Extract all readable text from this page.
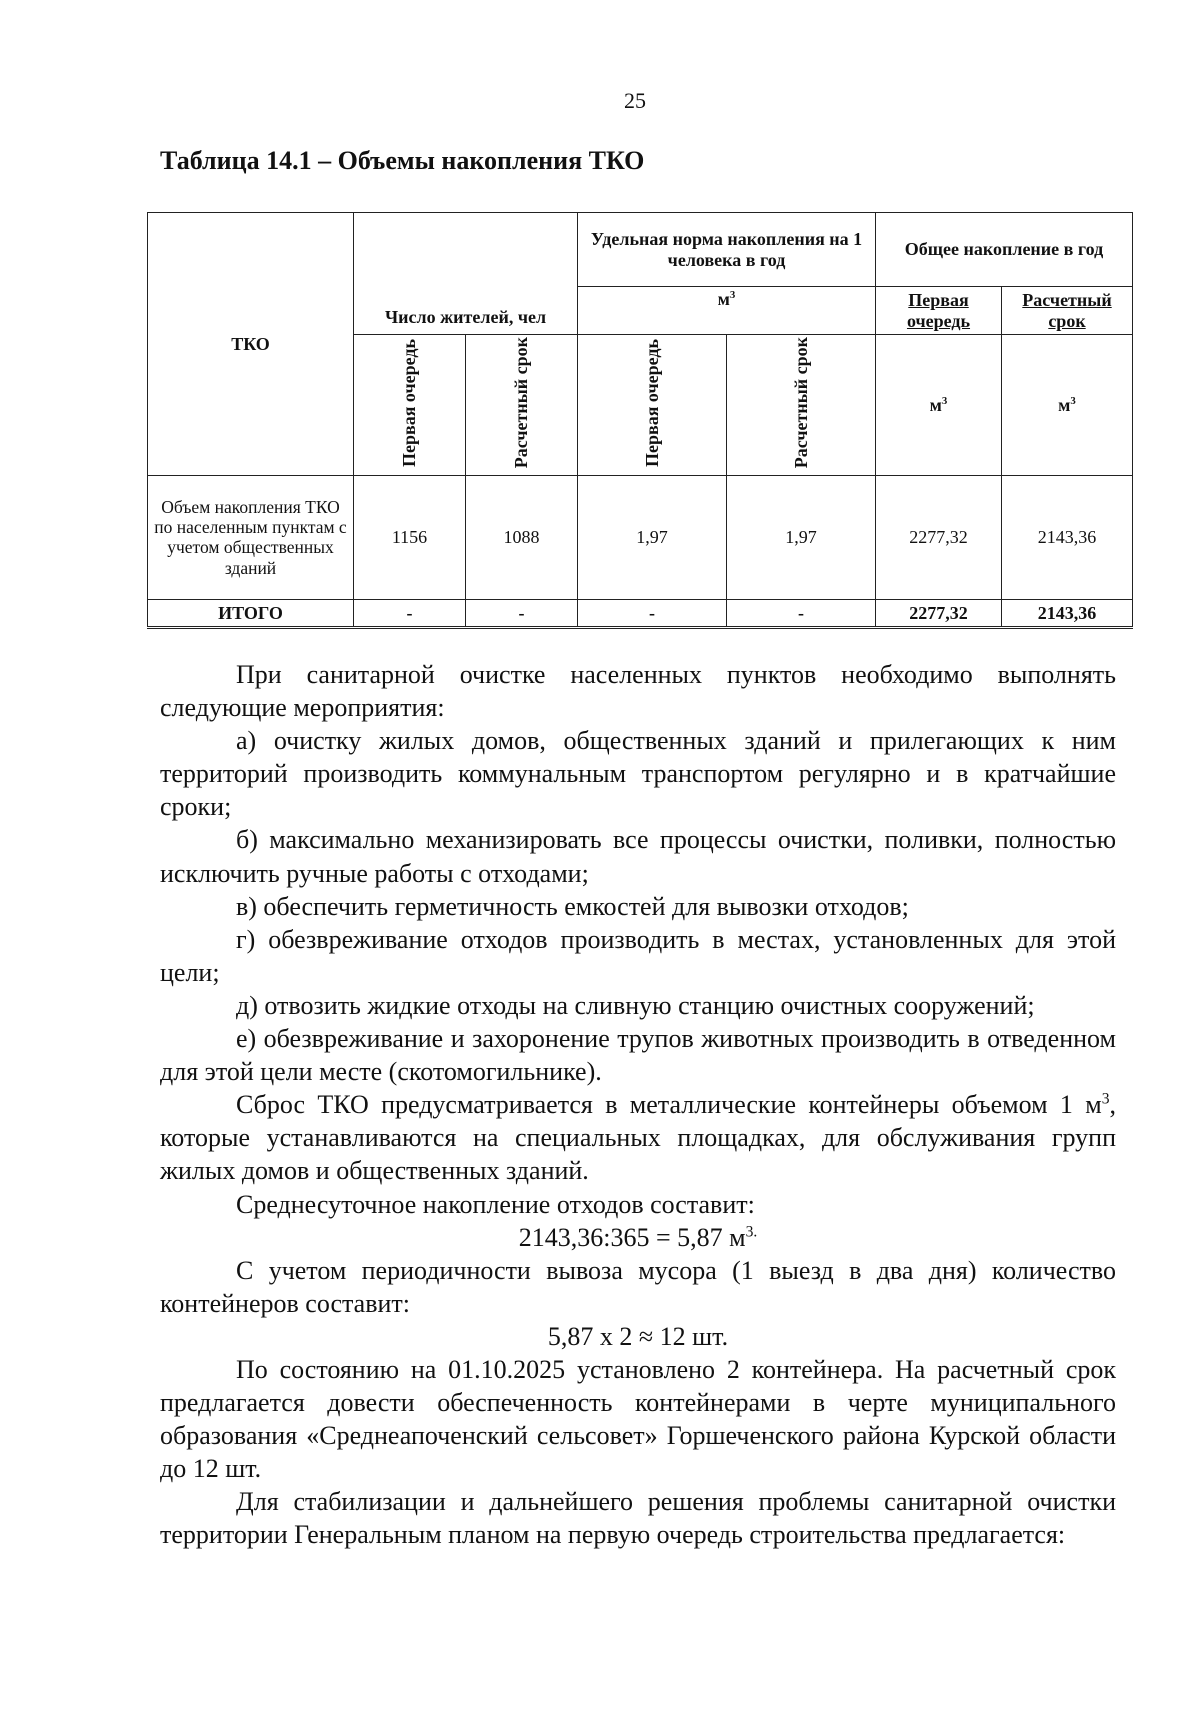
25
Таблица 14.1 – Объемы накопления ТКО
ТКО	Число жителей, чел		Удельная норма накопления на 1 человека в год		Общее накопление в год	
			$м^3$		Первая очередь	Расчетный срок
	Первая очередь	Расчетный срок	Первая очередь	Расчетный срок	$м^3$	$м^3$
Объем накопления ТКО по населенным пунктам с учетом общественных зданий	1156	1088	1,97	1,97	2277,32	2143,36
ИТОГО	-	-	-	-	2277,32	2143,36

При санитарной очистке населенных пунктов необходимо выполнять следующие мероприятия:

а) очистку жилых домов, общественных зданий и прилегающих к ним территорий производить коммунальным транспортом регулярно и в кратчайшие сроки;

б) максимально механизировать все процессы очистки, поливки, полностью исключить ручные работы с отходами;

в) обеспечить герметичность емкостей для вывозки отходов;

г) обезвреживание отходов производить в местах, установленных для этой цели;

д) отвозить жидкие отходы на сливную станцию очистных сооружений;

е) обезвреживание и захоронение трупов животных производить в отведенном для этой цели месте (скотомогильнике).

Сброс ТКО предусматривается в металлические контейнеры объемом 1 $м^3$, которые устанавливаются на специальных площадках, для обслуживания групп жилых домов и общественных зданий.

Среднесуточное накопление отходов составит:

2143,36:365 = 5,87 $м^{3.}$

С учетом периодичности вывоза мусора (1 выезд в два дня) количество контейнеров составит:

5,87 х 2 ≈ 12 шт.

По состоянию на 01.10.2025 установлено 2 контейнера. На расчетный срок предлагается довести обеспеченность контейнерами в черте муниципального образования «Среднеапоченский сельсовет» Горшеченского района Курской области до 12 шт.

Для стабилизации и дальнейшего решения проблемы санитарной очистки территории Генеральным планом на первую очередь строительства предлагается:
